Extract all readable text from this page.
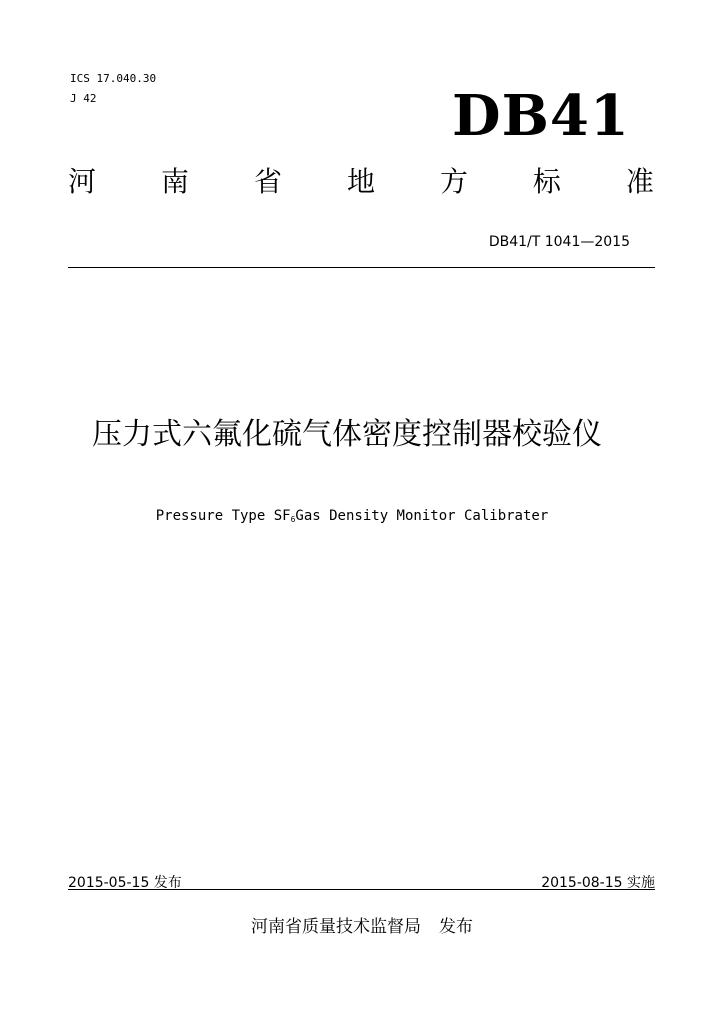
ICS 17.040.30
J 42	DB41
河 南 省 地 方 标 准
DB41/T 1041—2015
压力式六氟化硫气体密度控制器校验仪
Pressure Type $SF_6Gas$ Density Monitor Calibrater
2015-05-15 发布	2015-08-15 实施
河南省质量技术监督局 发布
